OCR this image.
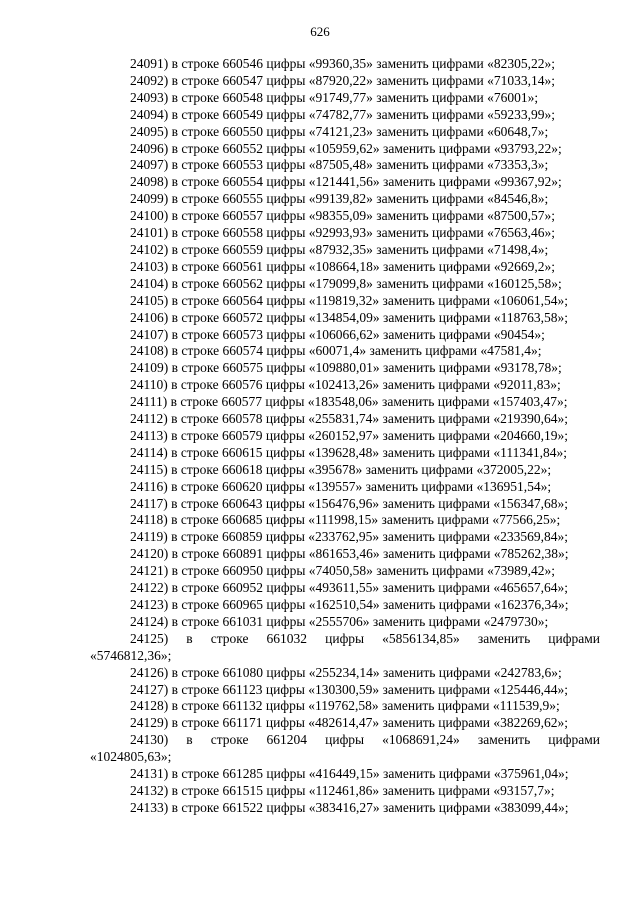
626
24091) в строке 660546 цифры «99360,35» заменить цифрами «82305,22»;
24092) в строке 660547 цифры «87920,22» заменить цифрами «71033,14»;
24093) в строке 660548 цифры «91749,77» заменить цифрами «76001»;
24094) в строке 660549 цифры «74782,77» заменить цифрами «59233,99»;
24095) в строке 660550 цифры «74121,23» заменить цифрами «60648,7»;
24096) в строке 660552 цифры «105959,62» заменить цифрами «93793,22»;
24097) в строке 660553 цифры «87505,48» заменить цифрами «73353,3»;
24098) в строке 660554 цифры «121441,56» заменить цифрами «99367,92»;
24099) в строке 660555 цифры «99139,82» заменить цифрами «84546,8»;
24100) в строке 660557 цифры «98355,09» заменить цифрами «87500,57»;
24101) в строке 660558 цифры «92993,93» заменить цифрами «76563,46»;
24102) в строке 660559 цифры «87932,35» заменить цифрами «71498,4»;
24103) в строке 660561 цифры «108664,18» заменить цифрами «92669,2»;
24104) в строке 660562 цифры «179099,8» заменить цифрами «160125,58»;
24105) в строке 660564 цифры «119819,32» заменить цифрами «106061,54»;
24106) в строке 660572 цифры «134854,09» заменить цифрами «118763,58»;
24107) в строке 660573 цифры «106066,62» заменить цифрами «90454»;
24108) в строке 660574 цифры «60071,4» заменить цифрами «47581,4»;
24109) в строке 660575 цифры «109880,01» заменить цифрами «93178,78»;
24110) в строке 660576 цифры «102413,26» заменить цифрами «92011,83»;
24111) в строке 660577 цифры «183548,06» заменить цифрами «157403,47»;
24112) в строке 660578 цифры «255831,74» заменить цифрами «219390,64»;
24113) в строке 660579 цифры «260152,97» заменить цифрами «204660,19»;
24114) в строке 660615 цифры «139628,48» заменить цифрами «111341,84»;
24115) в строке 660618 цифры «395678» заменить цифрами «372005,22»;
24116) в строке 660620 цифры «139557» заменить цифрами «136951,54»;
24117) в строке 660643 цифры «156476,96» заменить цифрами «156347,68»;
24118) в строке 660685 цифры «111998,15» заменить цифрами «77566,25»;
24119) в строке 660859 цифры «233762,95» заменить цифрами «233569,84»;
24120) в строке 660891 цифры «861653,46» заменить цифрами «785262,38»;
24121) в строке 660950 цифры «74050,58» заменить цифрами «73989,42»;
24122) в строке 660952 цифры «493611,55» заменить цифрами «465657,64»;
24123) в строке 660965 цифры «162510,54» заменить цифрами «162376,34»;
24124) в строке 661031 цифры «2555706» заменить цифрами «2479730»;
24125) в строке 661032 цифры «5856134,85» заменить цифрами
«5746812,36»;
24126) в строке 661080 цифры «255234,14» заменить цифрами «242783,6»;
24127) в строке 661123 цифры «130300,59» заменить цифрами «125446,44»;
24128) в строке 661132 цифры «119762,58» заменить цифрами «111539,9»;
24129) в строке 661171 цифры «482614,47» заменить цифрами «382269,62»;
24130) в строке 661204 цифры «1068691,24» заменить цифрами
«1024805,63»;
24131) в строке 661285 цифры «416449,15» заменить цифрами «375961,04»;
24132) в строке 661515 цифры «112461,86» заменить цифрами «93157,7»;
24133) в строке 661522 цифры «383416,27» заменить цифрами «383099,44»;
